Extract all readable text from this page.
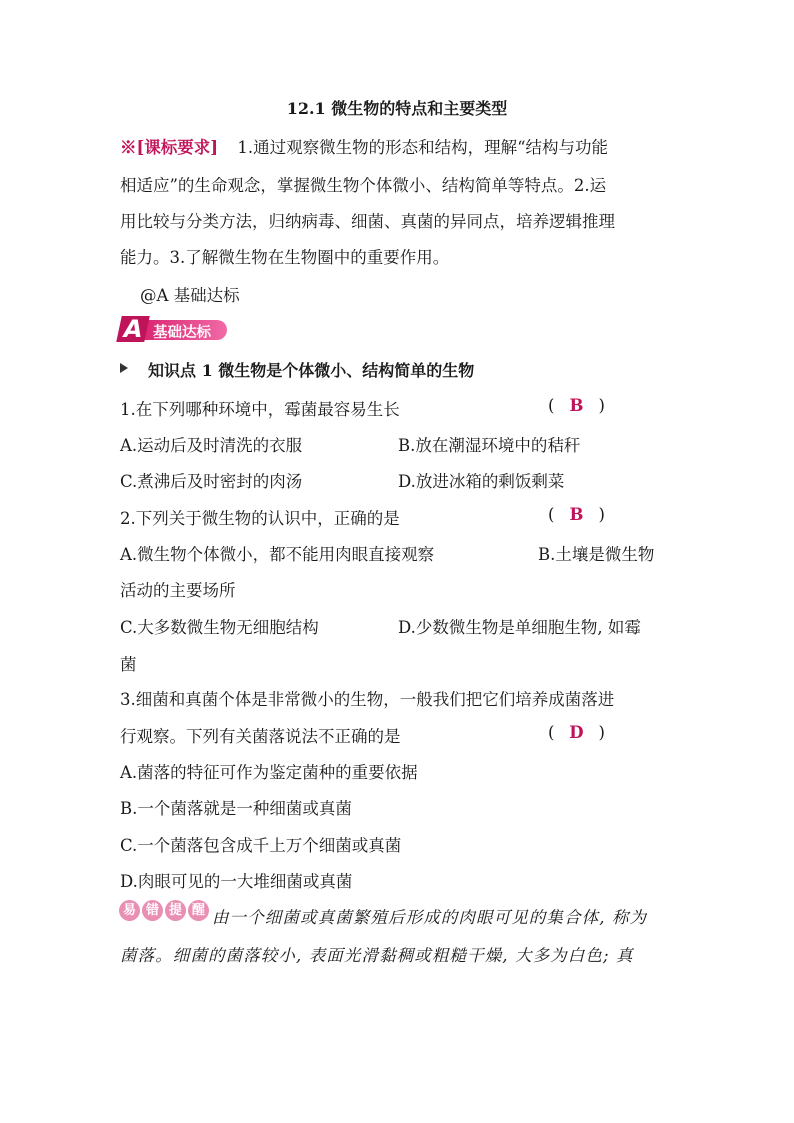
12.1 微生物的特点和主要类型
※[课标要求] 1.通过观察微生物的形态和结构，理解“结构与功能
相适应”的生命观念，掌握微生物个体微小、结构简单等特点。2.运
用比较与分类方法，归纳病毒、细菌、真菌的异同点，培养逻辑推理
能力。3.了解微生物在生物圈中的重要作用。
@A 基础达标
A 基础达标
知识点 1 微生物是个体微小、结构简单的生物
1.在下列哪种环境中，霉菌最容易生长	( B )
A.运动后及时清洗的衣服	B.放在潮湿环境中的秸秆
C.煮沸后及时密封的肉汤	D.放进冰箱的剩饭剩菜
2.下列关于微生物的认识中，正确的是	( B )
A.微生物个体微小，都不能用肉眼直接观察	B.土壤是微生物
活动的主要场所
C.大多数微生物无细胞结构	D.少数微生物是单细胞生物, 如霉
菌
3.细菌和真菌个体是非常微小的生物，一般我们把它们培养成菌落进
行观察。下列有关菌落说法不正确的是	( D )
A.菌落的特征可作为鉴定菌种的重要依据
B.一个菌落就是一种细菌或真菌
C.一个菌落包含成千上万个细菌或真菌
D.肉眼可见的一大堆细菌或真菌
易 错 提 醒 由一个细菌或真菌繁殖后形成的肉眼可见的集合体, 称为
菌落。细菌的菌落较小, 表面光滑黏稠或粗糙干燥, 大多为白色; 真
